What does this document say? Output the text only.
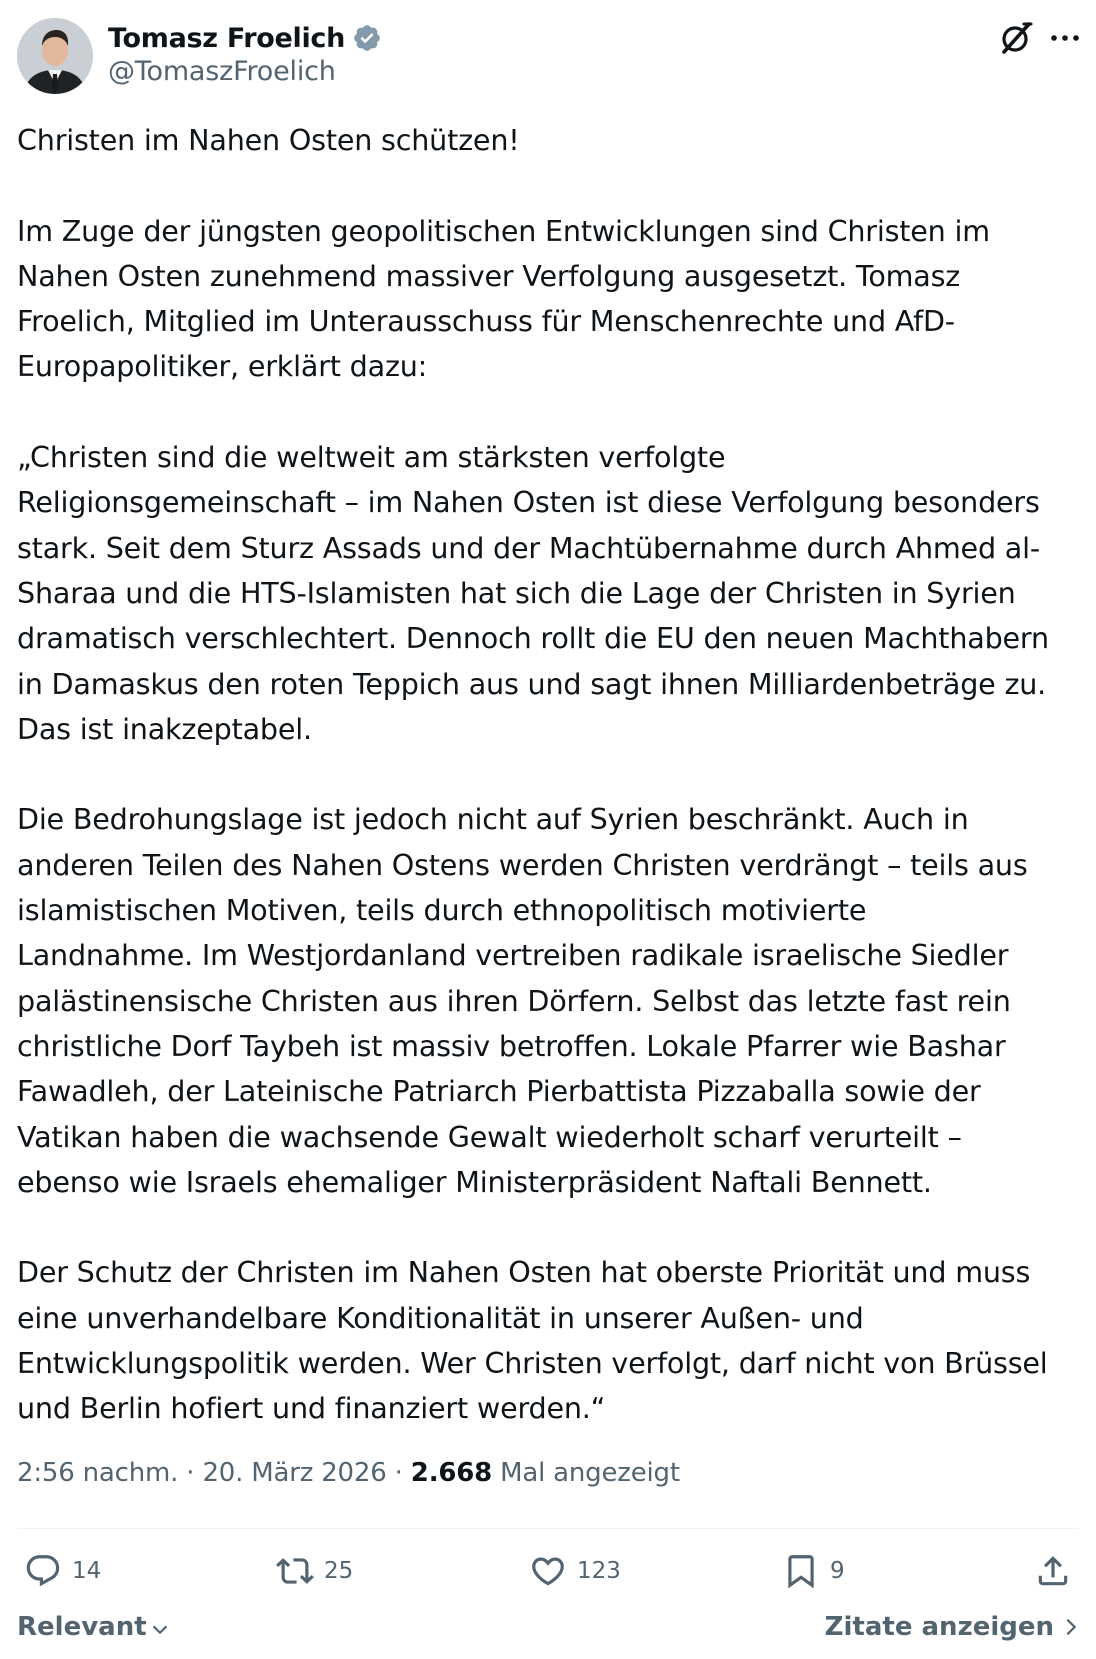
Tomasz Froelich
@TomaszFroelich
Christen im Nahen Osten schützen!
Im Zuge der jüngsten geopolitischen Entwicklungen sind Christen im
Nahen Osten zunehmend massiver Verfolgung ausgesetzt. Tomasz
Froelich, Mitglied im Unterausschuss für Menschenrechte und AfD-
Europapolitiker, erklärt dazu:
„Christen sind die weltweit am stärksten verfolgte
Religionsgemeinschaft – im Nahen Osten ist diese Verfolgung besonders
stark. Seit dem Sturz Assads und der Machtübernahme durch Ahmed al-
Sharaa und die HTS-Islamisten hat sich die Lage der Christen in Syrien
dramatisch verschlechtert. Dennoch rollt die EU den neuen Machthabern
in Damaskus den roten Teppich aus und sagt ihnen Milliardenbeträge zu.
Das ist inakzeptabel.
Die Bedrohungslage ist jedoch nicht auf Syrien beschränkt. Auch in
anderen Teilen des Nahen Ostens werden Christen verdrängt – teils aus
islamistischen Motiven, teils durch ethnopolitisch motivierte
Landnahme. Im Westjordanland vertreiben radikale israelische Siedler
palästinensische Christen aus ihren Dörfern. Selbst das letzte fast rein
christliche Dorf Taybeh ist massiv betroffen. Lokale Pfarrer wie Bashar
Fawadleh, der Lateinische Patriarch Pierbattista Pizzaballa sowie der
Vatikan haben die wachsende Gewalt wiederholt scharf verurteilt –
ebenso wie Israels ehemaliger Ministerpräsident Naftali Bennett.
Der Schutz der Christen im Nahen Osten hat oberste Priorität und muss
eine unverhandelbare Konditionalität in unserer Außen- und
Entwicklungspolitik werden. Wer Christen verfolgt, darf nicht von Brüssel
und Berlin hofiert und finanziert werden.“
2:56 nachm. · 20. März 2026 · 2.668 Mal angezeigt
14	25	123	9
Relevant	Zitate anzeigen
